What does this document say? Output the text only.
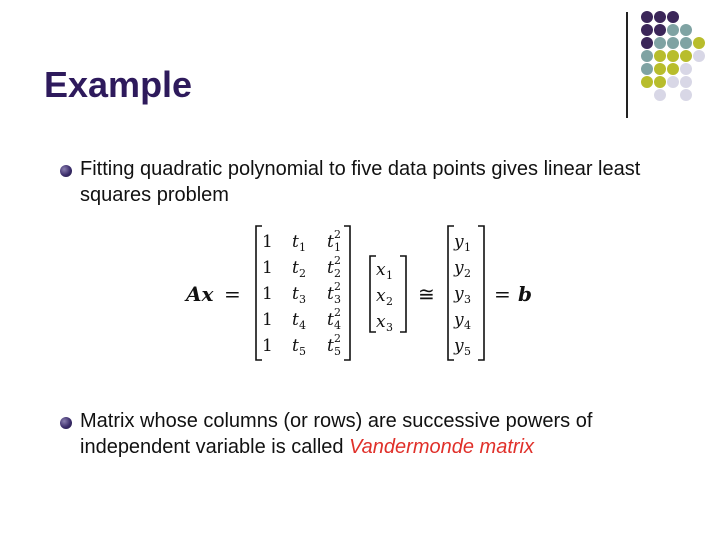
Example
Fitting quadratic polynomial to five data points gives linear least squares problem
Ax =
1 t 1 t 1
2
1 t 2 t 2
2
1 t 3 t 3
2
1 t 4 t 4
2
1 t 5 t 5
2
x 1
x 2
x 3
≅
y 1
y 2
y 3
y 4
y 5
= b
Matrix whose columns (or rows) are successive powers of independent variable is called Vandermonde matrix
